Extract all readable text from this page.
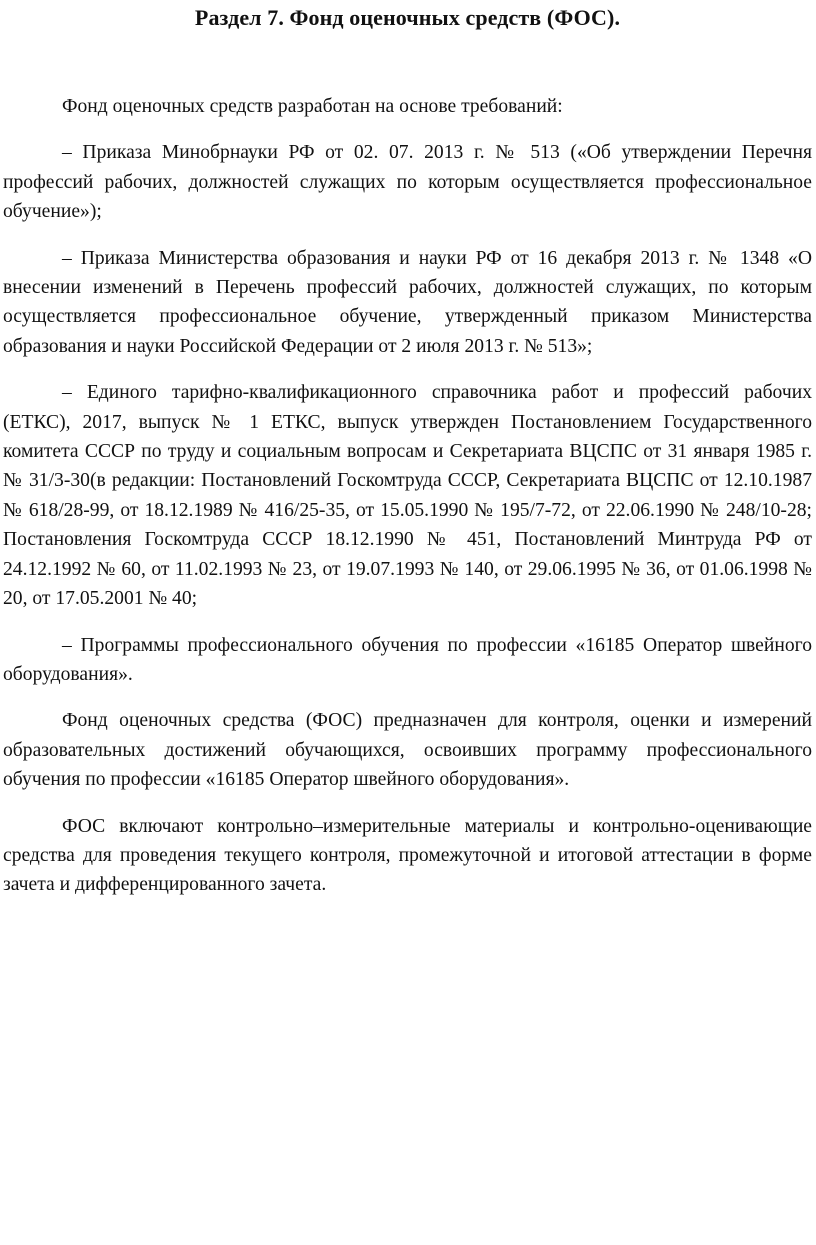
Раздел 7. Фонд оценочных средств (ФОС).

Фонд оценочных средств разработан на основе требований:

– Приказа Минобрнауки РФ от 02. 07. 2013 г. № 513 («Об утверждении Перечня профессий рабочих, должностей служащих по которым осуществляется профессиональное обучение»);

– Приказа Министерства образования и науки РФ от 16 декабря 2013 г. № 1348 «О внесении изменений в Перечень профессий рабочих, должностей служащих, по которым осуществляется профессиональное обучение, утвержденный приказом Министерства образования и науки Российской Федерации от 2 июля 2013 г. № 513»;

– Единого тарифно-квалификационного справочника работ и профессий рабочих (ЕТКС), 2017, выпуск № 1 ЕТКС, выпуск утвержден Постановлением Государственного комитета СССР по труду и социальным вопросам и Секретариата ВЦСПС от 31 января 1985 г. № 31/3-30(в редакции: Постановлений Госкомтруда СССР, Секретариата ВЦСПС от 12.10.1987 № 618/28-99, от 18.12.1989 № 416/25-35, от 15.05.1990 № 195/7-72, от 22.06.1990 № 248/10-28; Постановления Госкомтруда СССР 18.12.1990 № 451, Постановлений Минтруда РФ от 24.12.1992 № 60, от 11.02.1993 № 23, от 19.07.1993 № 140, от 29.06.1995 № 36, от 01.06.1998 № 20, от 17.05.2001 № 40;

– Программы профессионального обучения по профессии «16185 Оператор швейного оборудования».

Фонд оценочных средства (ФОС) предназначен для контроля, оценки и измерений образовательных достижений обучающихся, освоивших программу профессионального обучения по профессии «16185 Оператор швейного оборудования».

ФОС включают контрольно–измерительные материалы и контрольно-оценивающие средства для проведения текущего контроля, промежуточной и итоговой аттестации в форме зачета и дифференцированного зачета.
